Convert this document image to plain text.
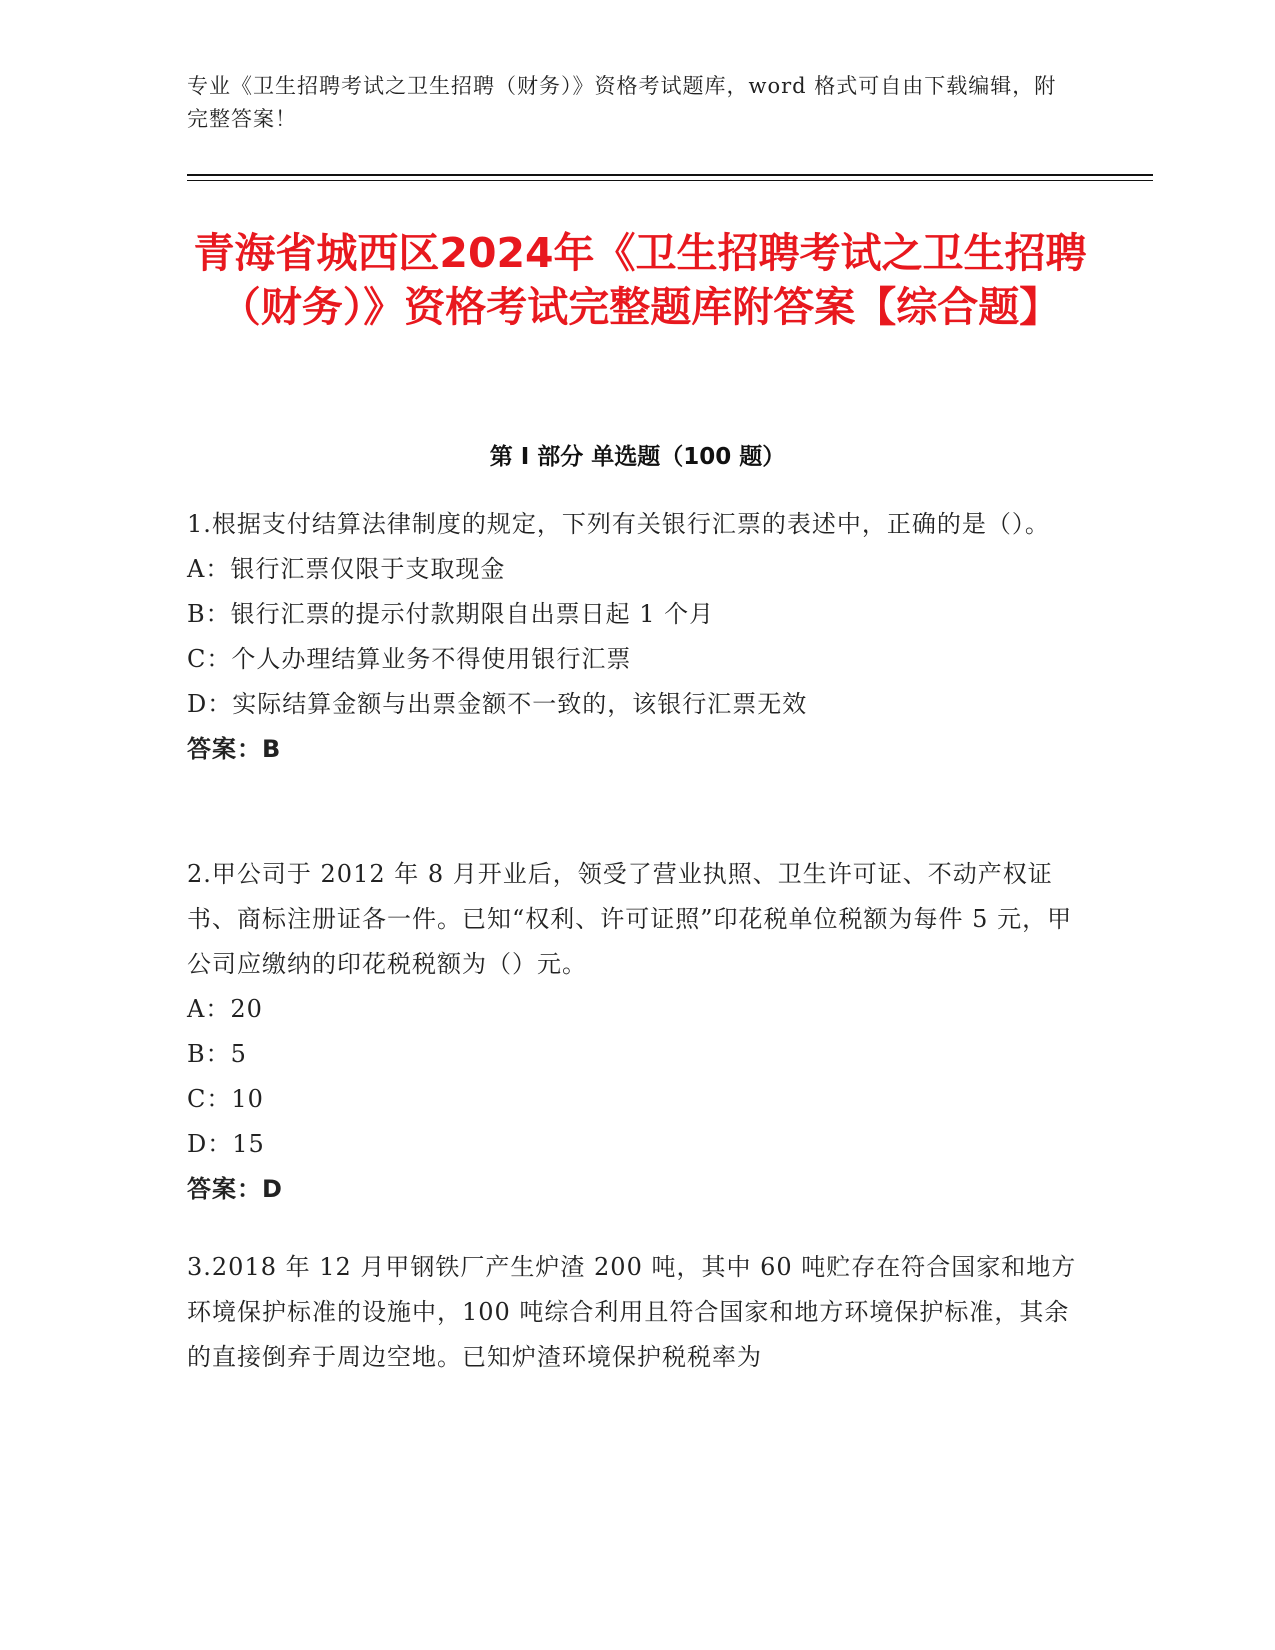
专业《卫生招聘考试之卫生招聘（财务）》资格考试题库，word 格式可自由下载编辑，附完整答案！
青海省城西区2024年《卫生招聘考试之卫生招聘（财务）》资格考试完整题库附答案【综合题】
第 I 部分 单选题（100 题）

1.根据支付结算法律制度的规定，下列有关银行汇票的表述中，正确的是（）。

A：银行汇票仅限于支取现金

B：银行汇票的提示付款期限自出票日起 1 个月

C：个人办理结算业务不得使用银行汇票

D：实际结算金额与出票金额不一致的，该银行汇票无效

答案：B

2.甲公司于 2012 年 8 月开业后，领受了营业执照、卫生许可证、不动产权证书、商标注册证各一件。已知“权利、许可证照”印花税单位税额为每件 5 元，甲公司应缴纳的印花税税额为（）元。

A：20

B：5

C：10

D：15

答案：D

3.2018 年 12 月甲钢铁厂产生炉渣 200 吨，其中 60 吨贮存在符合国家和地方环境保护标准的设施中，100 吨综合利用且符合国家和地方环境保护标准，其余的直接倒弃于周边空地。已知炉渣环境保护税税率为
